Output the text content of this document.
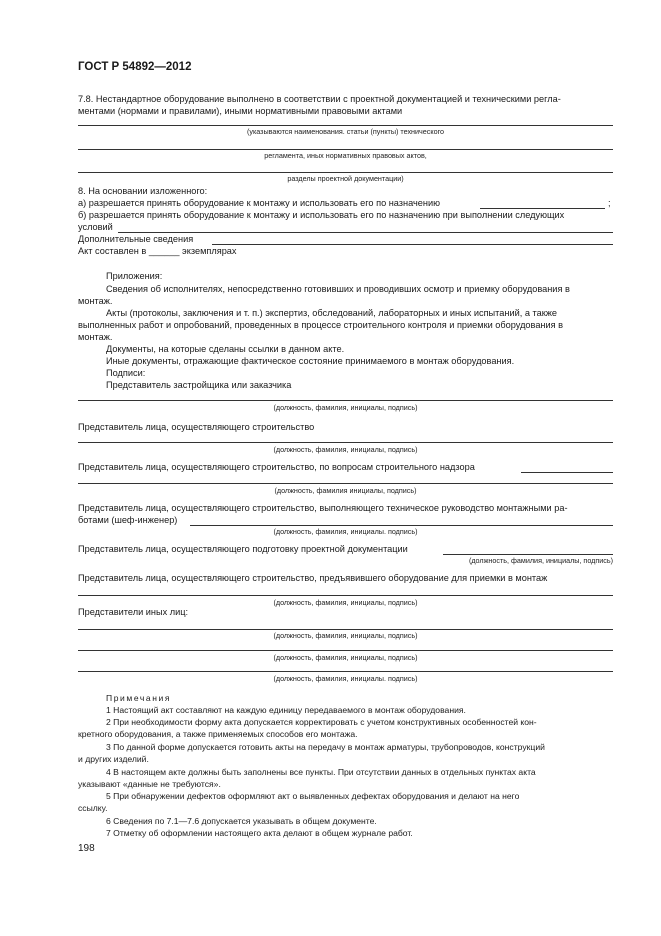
ГОСТ Р 54892—2012
7.8. Нестандартное оборудование выполнено в соответствии с проектной документацией и техническими регла-
ментами (нормами и правилами), иными нормативными правовыми актами
(указываются наименования. статьи (пункты) технического
регламента, иных нормативных правовых актов,
разделы проектной документации)
8. На основании изложенного:
а) разрешается принять оборудование к монтажу и использовать его по назначению	;
б) разрешается принять оборудование к монтажу и использовать его по назначению при выполнении следующих
условий
Дополнительные сведения
Акт составлен в ______ экземплярах
Приложения:
Сведения об исполнителях, непосредственно готовивших и проводивших осмотр и приемку оборудования в
монтаж.
Акты (протоколы, заключения и т. п.) экспертиз, обследований, лабораторных и иных испытаний, а также
выполненных работ и опробований, проведенных в процессе строительного контроля и приемки оборудования в
монтаж.
Документы, на которые сделаны ссылки в данном акте.
Иные документы, отражающие фактическое состояние принимаемого в монтаж оборудования.
Подписи:
Представитель застройщика или заказчика
(должность, фамилия, инициалы, подпись)
Представитель лица, осуществляющего строительство
(должность, фамилия, инициалы, подпись)
Представитель лица, осуществляющего строительство, по вопросам строительного надзора
(должность, фамилия инициалы, подпись)
Представитель лица, осуществляющего строительство, выполняющего техническое руководство монтажными ра-
ботами (шеф-инженер)
(должность, фамилия, инициалы. подпись)
Представитель лица, осуществляющего подготовку проектной документации
(должность, фамилия, инициалы, подпись)
Представитель лица, осуществляющего строительство, предъявившего оборудование для приемки в монтаж
(должность, фамилия, инициалы, подпись)
Представители иных лиц:
(должность, фамилия, инициалы, подпись)
(должность, фамилия, инициалы, подпись)
(должность, фамилия, инициалы. подпись)
Примечания
1 Настоящий акт составляют на каждую единицу передаваемого в монтаж оборудования.
2 При необходимости форму акта допускается корректировать с учетом конструктивных особенностей кон-
кретного оборудования, а также применяемых способов его монтажа.
3 По данной форме допускается готовить акты на передачу в монтаж арматуры, трубопроводов, конструкций
и других изделий.
4 В настоящем акте должны быть заполнены все пункты. При отсутствии данных в отдельных пунктах акта
указывают «данные не требуются».
5 При обнаружении дефектов оформляют акт о выявленных дефектах оборудования и делают на него
ссылку.
6 Сведения по 7.1—7.6 допускается указывать в общем документе.
7 Отметку об оформлении настоящего акта делают в общем журнале работ.
198
